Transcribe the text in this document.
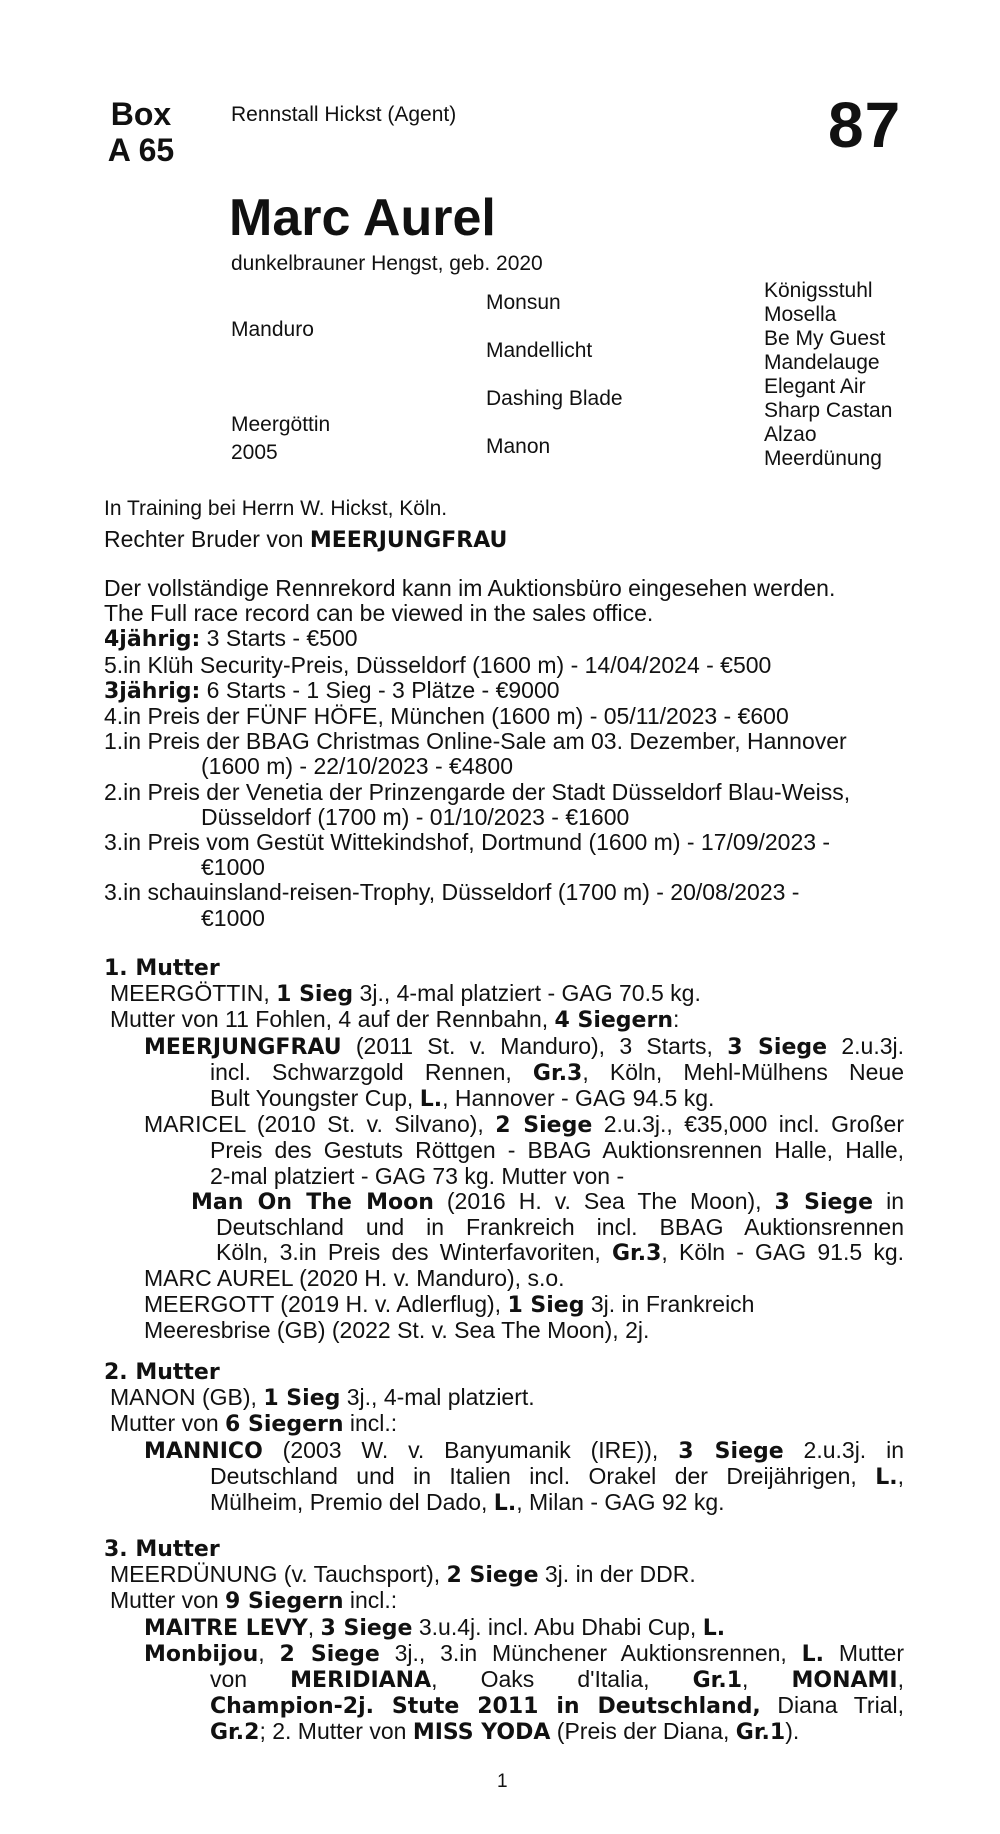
Box
A 65
Rennstall Hickst (Agent)	87
Marc Aurel
dunkelbrauner Hengst, geb. 2020
Manduro
Meergöttin
2005
Monsun
Mandellicht
Dashing Blade
Manon
Königsstuhl
Mosella
Be My Guest
Mandelauge
Elegant Air
Sharp Castan
Alzao
Meerdünung
In Training bei Herrn W. Hickst, Köln.
Rechter Bruder von MEERJUNGFRAU
Der vollständige Rennrekord kann im Auktionsbüro eingesehen werden.
The Full race record can be viewed in the sales office.
4jährig: 3 Starts - €500
5.in Klüh Security-Preis, Düsseldorf (1600 m) - 14/04/2024 - €500
3jährig: 6 Starts - 1 Sieg - 3 Plätze - €9000
4.in Preis der FÜNF HÖFE, München (1600 m) - 05/11/2023 - €600
1.in Preis der BBAG Christmas Online-Sale am 03. Dezember, Hannover
(1600 m) - 22/10/2023 - €4800
2.in Preis der Venetia der Prinzengarde der Stadt Düsseldorf Blau-Weiss,
Düsseldorf (1700 m) - 01/10/2023 - €1600
3.in Preis vom Gestüt Wittekindshof, Dortmund (1600 m) - 17/09/2023 -
€1000
3.in schauinsland-reisen-Trophy, Düsseldorf (1700 m) - 20/08/2023 -
€1000
1. Mutter
MEERGÖTTIN, 1 Sieg 3j., 4-mal platziert - GAG 70.5 kg.
Mutter von 11 Fohlen, 4 auf der Rennbahn, 4 Siegern:
MEERJUNGFRAU (2011 St. v. Manduro), 3 Starts, 3 Siege 2.u.3j.
incl. Schwarzgold Rennen, Gr.3, Köln, Mehl-Mülhens Neue
Bult Youngster Cup, L., Hannover - GAG 94.5 kg.
MARICEL (2010 St. v. Silvano), 2 Siege 2.u.3j., €35,000 incl. Großer
Preis des Gestuts Röttgen - BBAG Auktionsrennen Halle, Halle,
2-mal platziert - GAG 73 kg. Mutter von -
Man On The Moon (2016 H. v. Sea The Moon), 3 Siege in
Deutschland und in Frankreich incl. BBAG Auktionsrennen
Köln, 3.in Preis des Winterfavoriten, Gr.3, Köln - GAG 91.5 kg.
MARC AUREL (2020 H. v. Manduro), s.o.
MEERGOTT (2019 H. v. Adlerflug), 1 Sieg 3j. in Frankreich
Meeresbrise (GB) (2022 St. v. Sea The Moon), 2j.
2. Mutter
MANON (GB), 1 Sieg 3j., 4-mal platziert.
Mutter von 6 Siegern incl.:
MANNICO (2003 W. v. Banyumanik (IRE)), 3 Siege 2.u.3j. in
Deutschland und in Italien incl. Orakel der Dreijährigen, L.,
Mülheim, Premio del Dado, L., Milan - GAG 92 kg.
3. Mutter
MEERDÜNUNG (v. Tauchsport), 2 Siege 3j. in der DDR.
Mutter von 9 Siegern incl.:
MAITRE LEVY, 3 Siege 3.u.4j. incl. Abu Dhabi Cup, L.
Monbijou, 2 Siege 3j., 3.in Münchener Auktionsrennen, L. Mutter
von MERIDIANA, Oaks d'Italia, Gr.1, MONAMI,
Champion-2j. Stute 2011 in Deutschland, Diana Trial,
Gr.2; 2. Mutter von MISS YODA (Preis der Diana, Gr.1).
1
